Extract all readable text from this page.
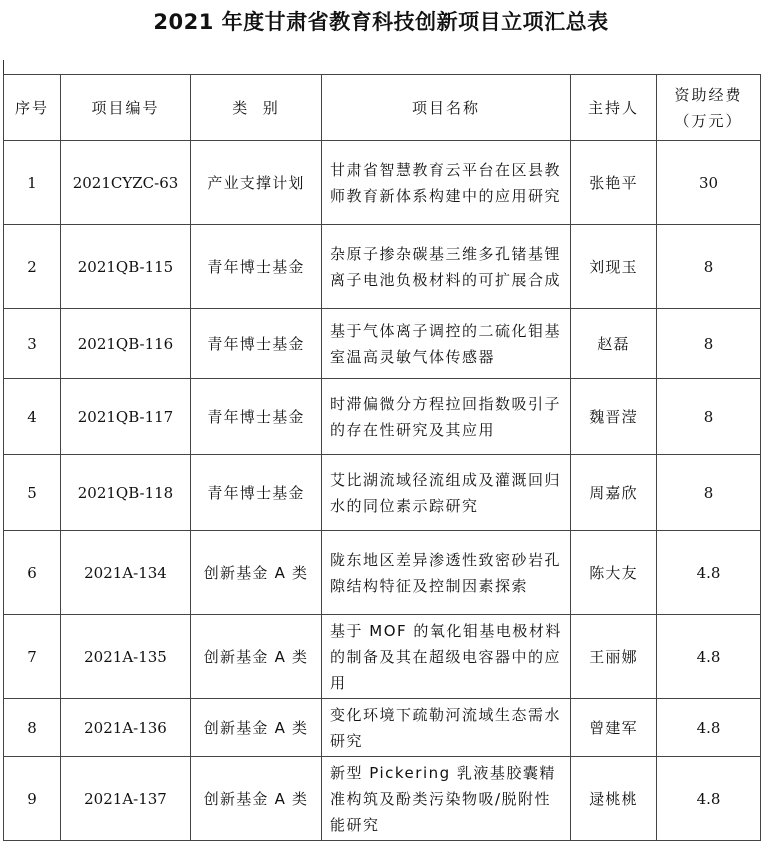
2021 年度甘肃省教育科技创新项目立项汇总表
序号	项目编号	类  别	项目名称	主持人	资助经费
（万元）

1	2021CYZC-63	产业支撑计划	甘肃省智慧教育云平台在区县教师教育新体系构建中的应用研究	张艳平	30
2	2021QB-115	青年博士基金	杂原子掺杂碳基三维多孔锗基锂离子电池负极材料的可扩展合成	刘现玉	8
3	2021QB-116	青年博士基金	基于气体离子调控的二硫化钼基室温高灵敏气体传感器	赵磊	8
4	2021QB-117	青年博士基金	时滞偏微分方程拉回指数吸引子的存在性研究及其应用	魏晋滢	8
5	2021QB-118	青年博士基金	艾比湖流域径流组成及灌溉回归水的同位素示踪研究	周嘉欣	8
6	2021A-134	创新基金 A 类	陇东地区差异渗透性致密砂岩孔隙结构特征及控制因素探索	陈大友	4.8
7	2021A-135	创新基金 A 类	基于 MOF 的氧化钼基电极材料的制备及其在超级电容器中的应用	王丽娜	4.8
8	2021A-136	创新基金 A 类	变化环境下疏勒河流域生态需水研究	曾建军	4.8
9	2021A-137	创新基金 A 类	新型 Pickering 乳液基胶囊精准构筑及酚类污染物吸/脱附性能研究	逯桃桃	4.8
